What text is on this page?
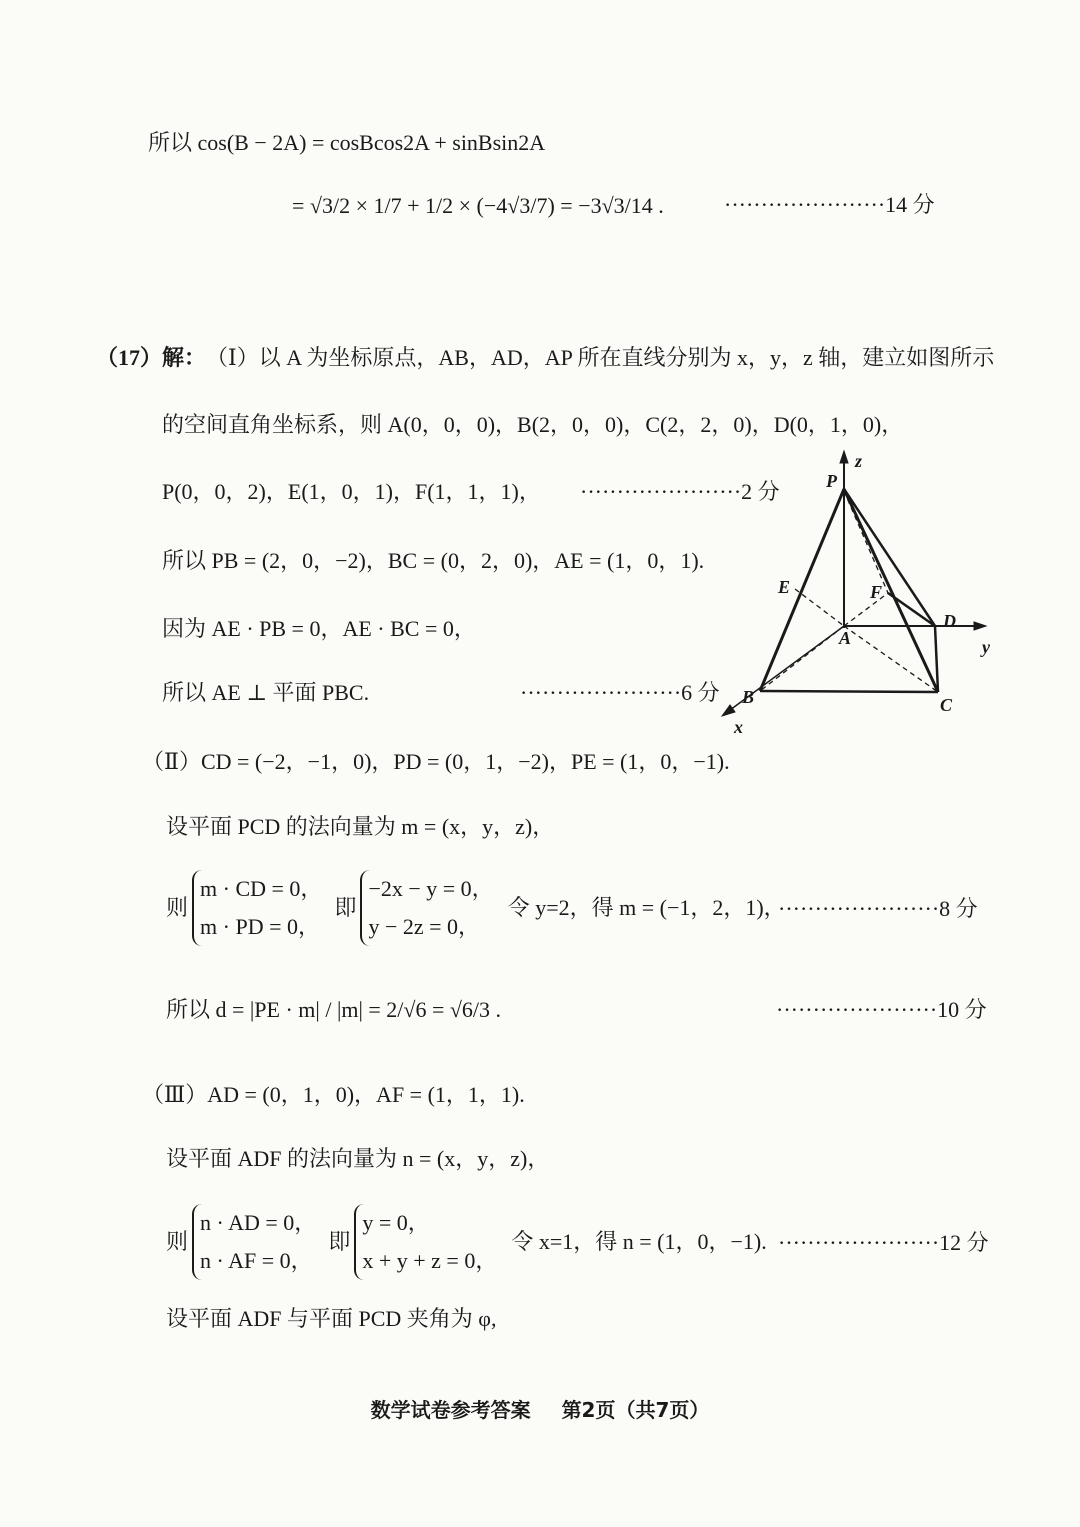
所以 cos(B − 2A) = cosBcos2A + sinBsin2A
= √3/2 × 1/7 + 1/2 × (−4√3/7) = −3√3/14 .	······················14 分
（17）解： （Ⅰ）以 A 为坐标原点，AB，AD，AP 所在直线分别为 x，y，z 轴，建立如图所示
的空间直角坐标系，则 A(0，0，0)，B(2，0，0)，C(2，2，0)，D(0，1，0)，
P(0，0，2)，E(1，0，1)，F(1，1，1)， ······················2 分
所以 PB = (2，0，−2)，BC = (0，2，0)，AE = (1，0，1).
因为 AE · PB = 0，AE · BC = 0，
所以 AE ⊥ 平面 PBC.	······················6 分
P
z
E	F
A
D
y
B	C
x
（Ⅱ）CD = (−2，−1，0)，PD = (0，1，−2)，PE = (1，0，−1).
设平面 PCD 的法向量为 m = (x，y，z)，
则
m · CD = 0，
m · PD = 0，
即
−2x − y = 0，
y − 2z = 0，
令 y=2，得 m = (−1，2，1)，
······················8 分
所以 d = |PE · m| / |m| = 2/√6 = √6/3 .	······················10 分
（Ⅲ）AD = (0，1，0)，AF = (1，1，1).
设平面 ADF 的法向量为 n = (x，y，z)，
则
n · AD = 0，
n · AF = 0，
即
y = 0，
x + y + z = 0，
令 x=1，得 n = (1，0，−1). ······················12 分
设平面 ADF 与平面 PCD 夹角为 φ,
数学试卷参考答案 第2页（共7页）
